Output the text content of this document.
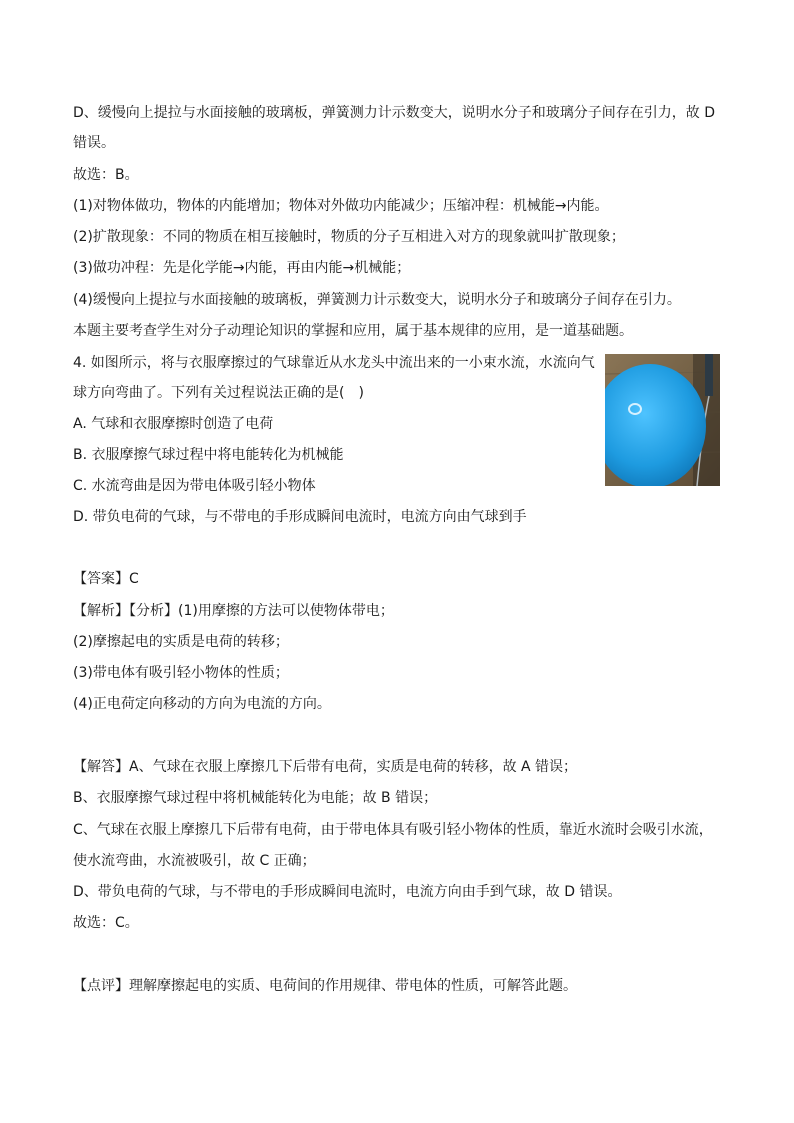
D、缓慢向上提拉与水面接触的玻璃板，弹簧测力计示数变大，说明水分子和玻璃分子间存在引力，故 D

错误。

故选：B。

(1)对物体做功，物体的内能增加；物体对外做功内能减少；压缩冲程：机械能→内能。

(2)扩散现象：不同的物质在相互接触时，物质的分子互相进入对方的现象就叫扩散现象；

(3)做功冲程：先是化学能→内能，再由内能→机械能；

(4)缓慢向上提拉与水面接触的玻璃板，弹簧测力计示数变大，说明水分子和玻璃分子间存在引力。

本题主要考查学生对分子动理论知识的掌握和应用，属于基本规律的应用，是一道基础题。

4. 如图所示，将与衣服摩擦过的气球靠近从水龙头中流出来的一小束水流，水流向气

球方向弯曲了。下列有关过程说法正确的是(　)

A. 气球和衣服摩擦时创造了电荷

B. 衣服摩擦气球过程中将电能转化为机械能

C. 水流弯曲是因为带电体吸引轻小物体

D. 带负电荷的气球，与不带电的手形成瞬间电流时，电流方向由气球到手

【答案】C

【解析】【分析】(1)用摩擦的方法可以使物体带电；

(2)摩擦起电的实质是电荷的转移；

(3)带电体有吸引轻小物体的性质；

(4)正电荷定向移动的方向为电流的方向。

【解答】A、气球在衣服上摩擦几下后带有电荷，实质是电荷的转移，故 A 错误；

B、衣服摩擦气球过程中将机械能转化为电能；故 B 错误；

C、气球在衣服上摩擦几下后带有电荷，由于带电体具有吸引轻小物体的性质，靠近水流时会吸引水流，

使水流弯曲，水流被吸引，故 C 正确；

D、带负电荷的气球，与不带电的手形成瞬间电流时，电流方向由手到气球，故 D 错误。

故选：C。

【点评】理解摩擦起电的实质、电荷间的作用规律、带电体的性质，可解答此题。
